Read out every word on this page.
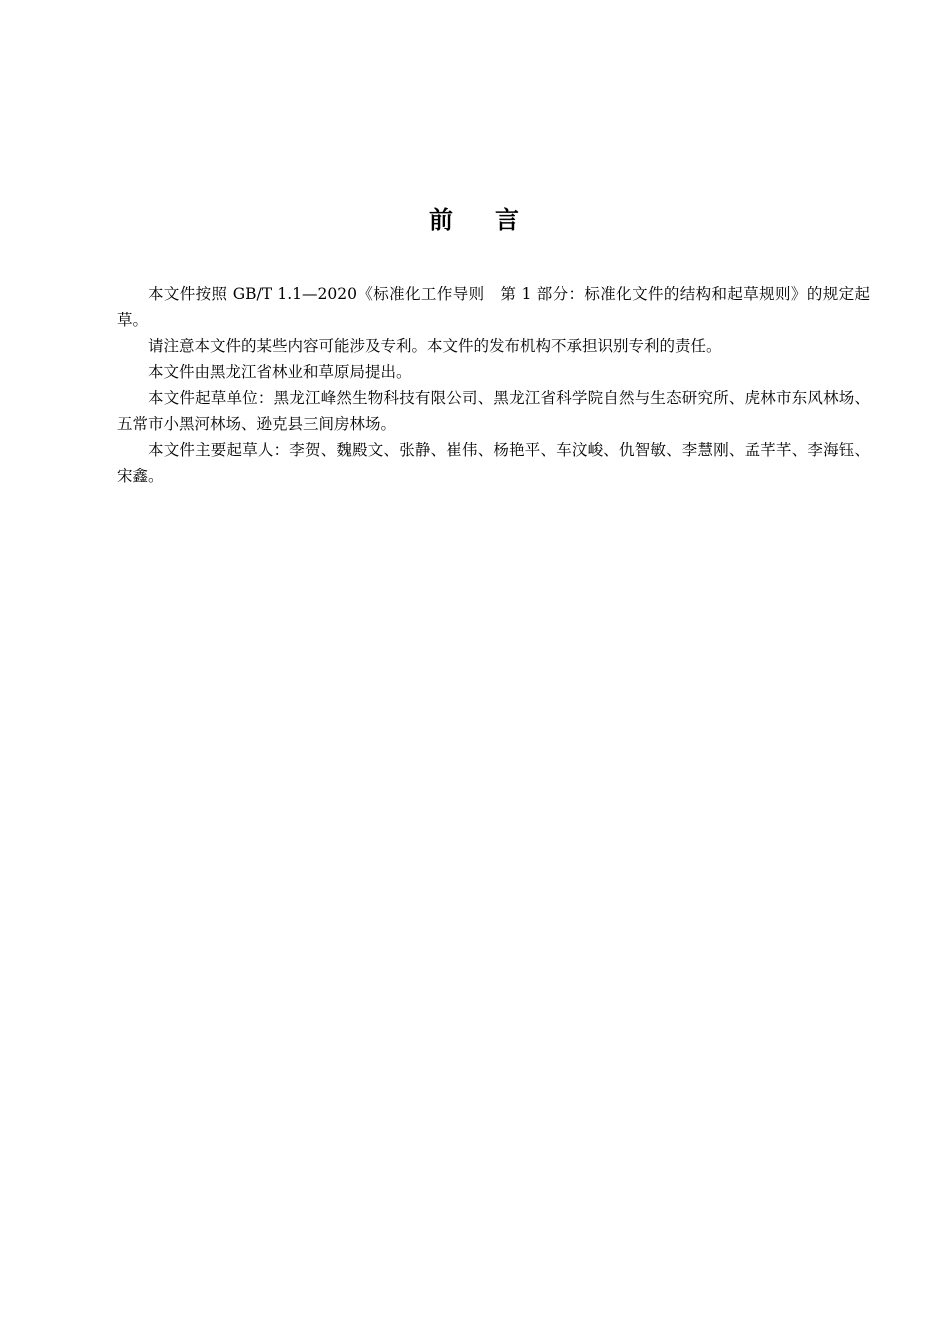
前 言

本文件按照 GB/T 1.1—2020《标准化工作导则　第 1 部分：标准化文件的结构和起草规则》的规定起草。

请注意本文件的某些内容可能涉及专利。本文件的发布机构不承担识别专利的责任。

本文件由黑龙江省林业和草原局提出。

本文件起草单位：黑龙江峰然生物科技有限公司、黑龙江省科学院自然与生态研究所、虎林市东风林场、五常市小黑河林场、逊克县三间房林场。

本文件主要起草人：李贺、魏殿文、张静、崔伟、杨艳平、车汶峻、仇智敏、李慧刚、孟芊芊、李海钰、宋鑫。
